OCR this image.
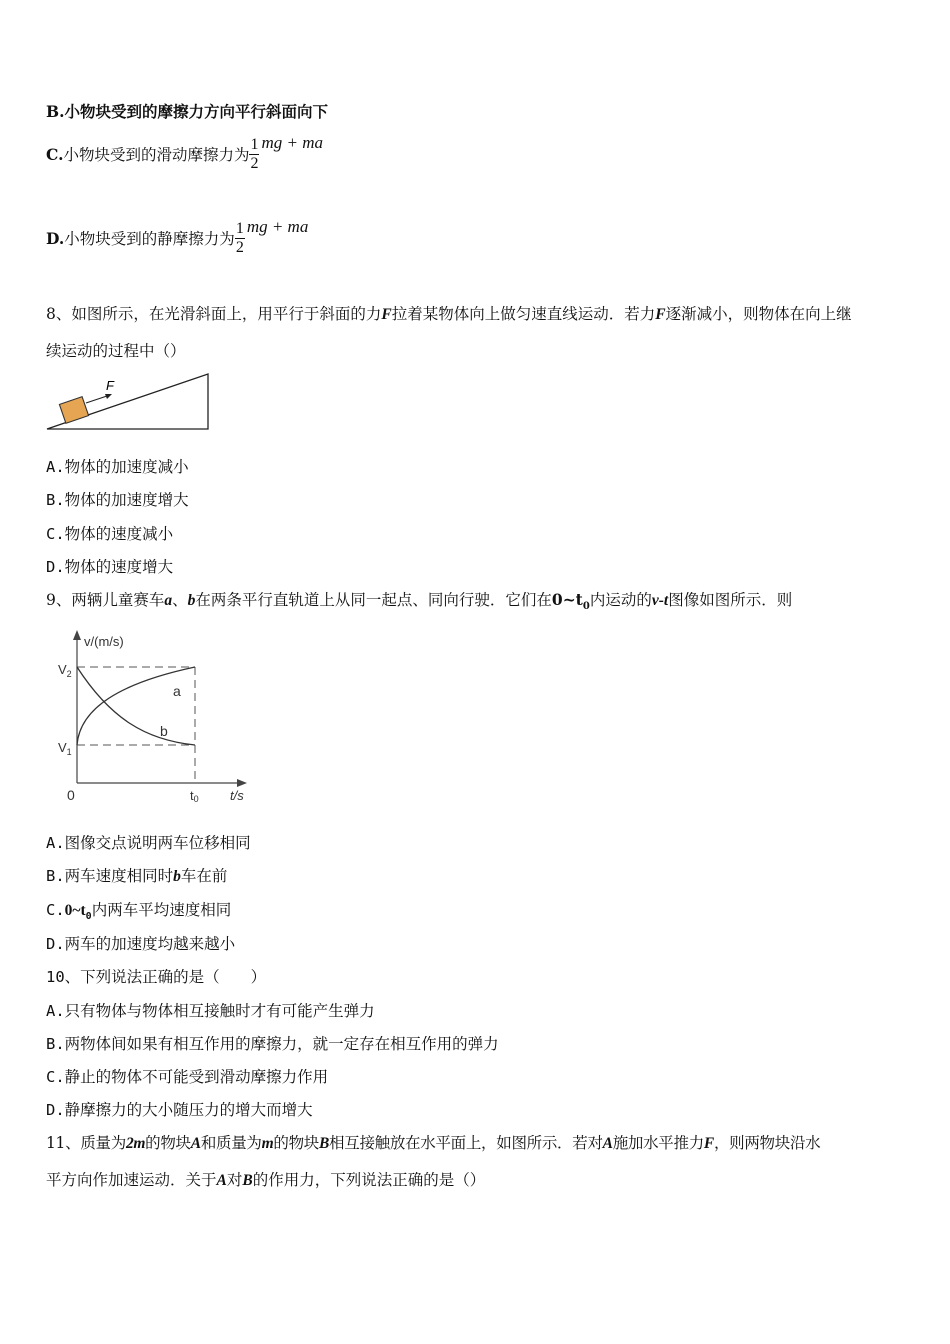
B.小物块受到的摩擦力方向平行斜面向下
C.小物块受到的滑动摩擦力为 $\frac{1}{2}$ mg + ma
D.小物块受到的静摩擦力为 $\frac{1}{2}$ mg + ma
8、如图所示，在光滑斜面上，用平行于斜面的力F拉着某物体向上做匀速直线运动．若力F逐渐减小，则物体在向上继
续运动的过程中（）
F
A.物体的加速度减小
B.物体的加速度增大
C.物体的速度减小
D.物体的速度增大
9、两辆儿童赛车a、b在两条平行直轨道上从同一起点、同向行驶．它们在$0\sim t_0$内运动的v-t图像如图所示．则
v/(m/s)
t/s
$V_2$
$V_1$
0	t0
a
b
A.图像交点说明两车位移相同
B.两车速度相同时b车在前
$C.0\sim t_0$内两车平均速度相同
D.两车的加速度均越来越小
10、下列说法正确的是（　　）
A.只有物体与物体相互接触时才有可能产生弹力
B.两物体间如果有相互作用的摩擦力，就一定存在相互作用的弹力
C.静止的物体不可能受到滑动摩擦力作用
D.静摩擦力的大小随压力的增大而增大
11、质量为2m的物块A和质量为m的物块B相互接触放在水平面上，如图所示．若对A施加水平推力F，则两物块沿水
平方向作加速运动．关于A对B的作用力，下列说法正确的是（）
